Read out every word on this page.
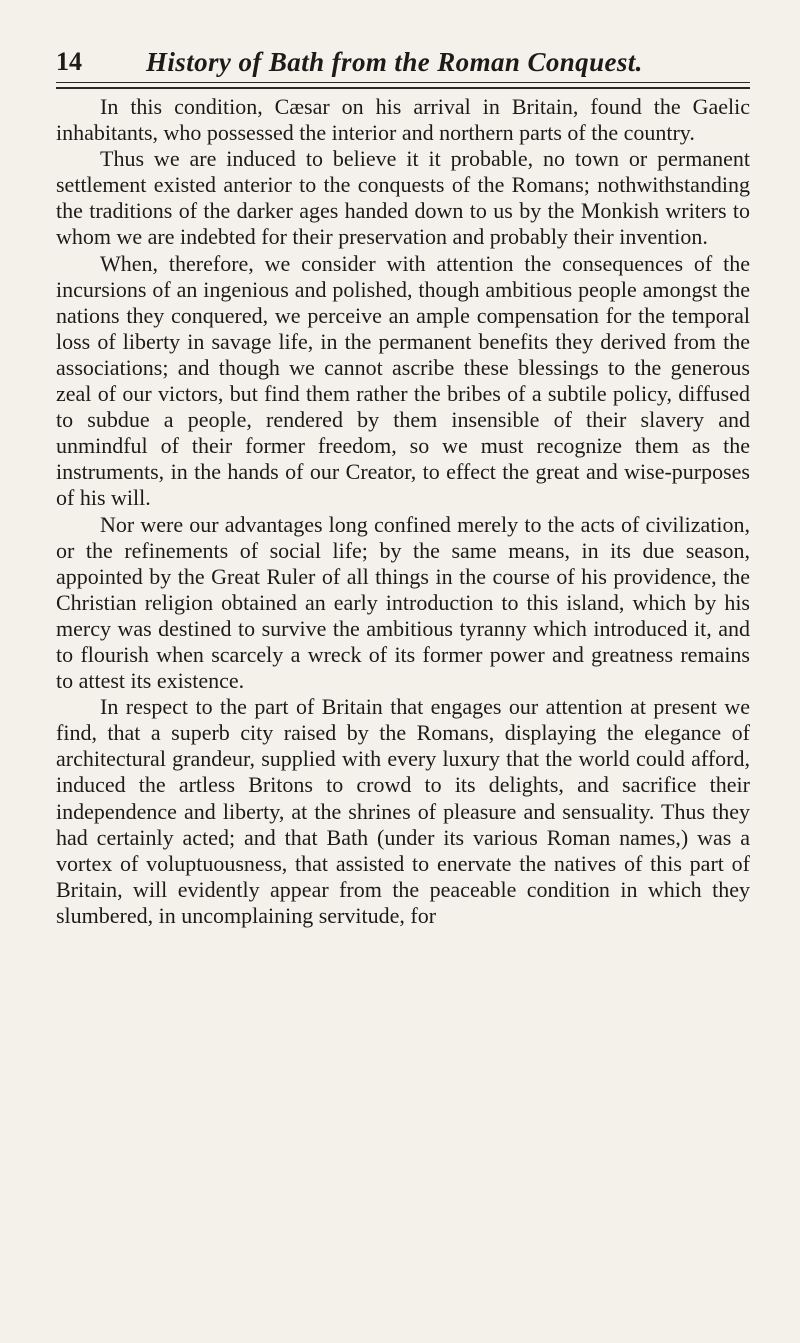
14 History of Bath from the Roman Conquest.

In this condition, Cæsar on his arrival in Britain, found the Gaelic inhabitants, who possessed the interior and northern parts of the country.

Thus we are induced to believe it it probable, no town or permanent settlement existed anterior to the conquests of the Romans; nothwithstanding the traditions of the darker ages handed down to us by the Monkish writers to whom we are indebted for their preservation and probably their invention.

When, therefore, we consider with attention the consequences of the incursions of an ingenious and polished, though ambitious people amongst the nations they conquered, we perceive an ample compensation for the temporal loss of liberty in savage life, in the permanent benefits they derived from the associations; and though we cannot ascribe these blessings to the generous zeal of our victors, but find them rather the bribes of a subtile policy, diffused to subdue a people, rendered by them insensible of their slavery and unmindful of their former freedom, so we must recognize them as the instruments, in the hands of our Creator, to effect the great and wise-purposes of his will.

Nor were our advantages long confined merely to the acts of civilization, or the refinements of social life; by the same means, in its due season, appointed by the Great Ruler of all things in the course of his providence, the Christian religion obtained an early introduction to this island, which by his mercy was destined to survive the ambitious tyranny which introduced it, and to flourish when scarcely a wreck of its former power and greatness remains to attest its existence.

In respect to the part of Britain that engages our attention at present we find, that a superb city raised by the Romans, displaying the elegance of architectural grandeur, supplied with every luxury that the world could afford, induced the artless Britons to crowd to its delights, and sacrifice their independence and liberty, at the shrines of pleasure and sensuality. Thus they had certainly acted; and that Bath (under its various Roman names,) was a vortex of voluptuousness, that assisted to enervate the natives of this part of Britain, will evidently appear from the peaceable condition in which they slumbered, in uncomplaining servitude, for
